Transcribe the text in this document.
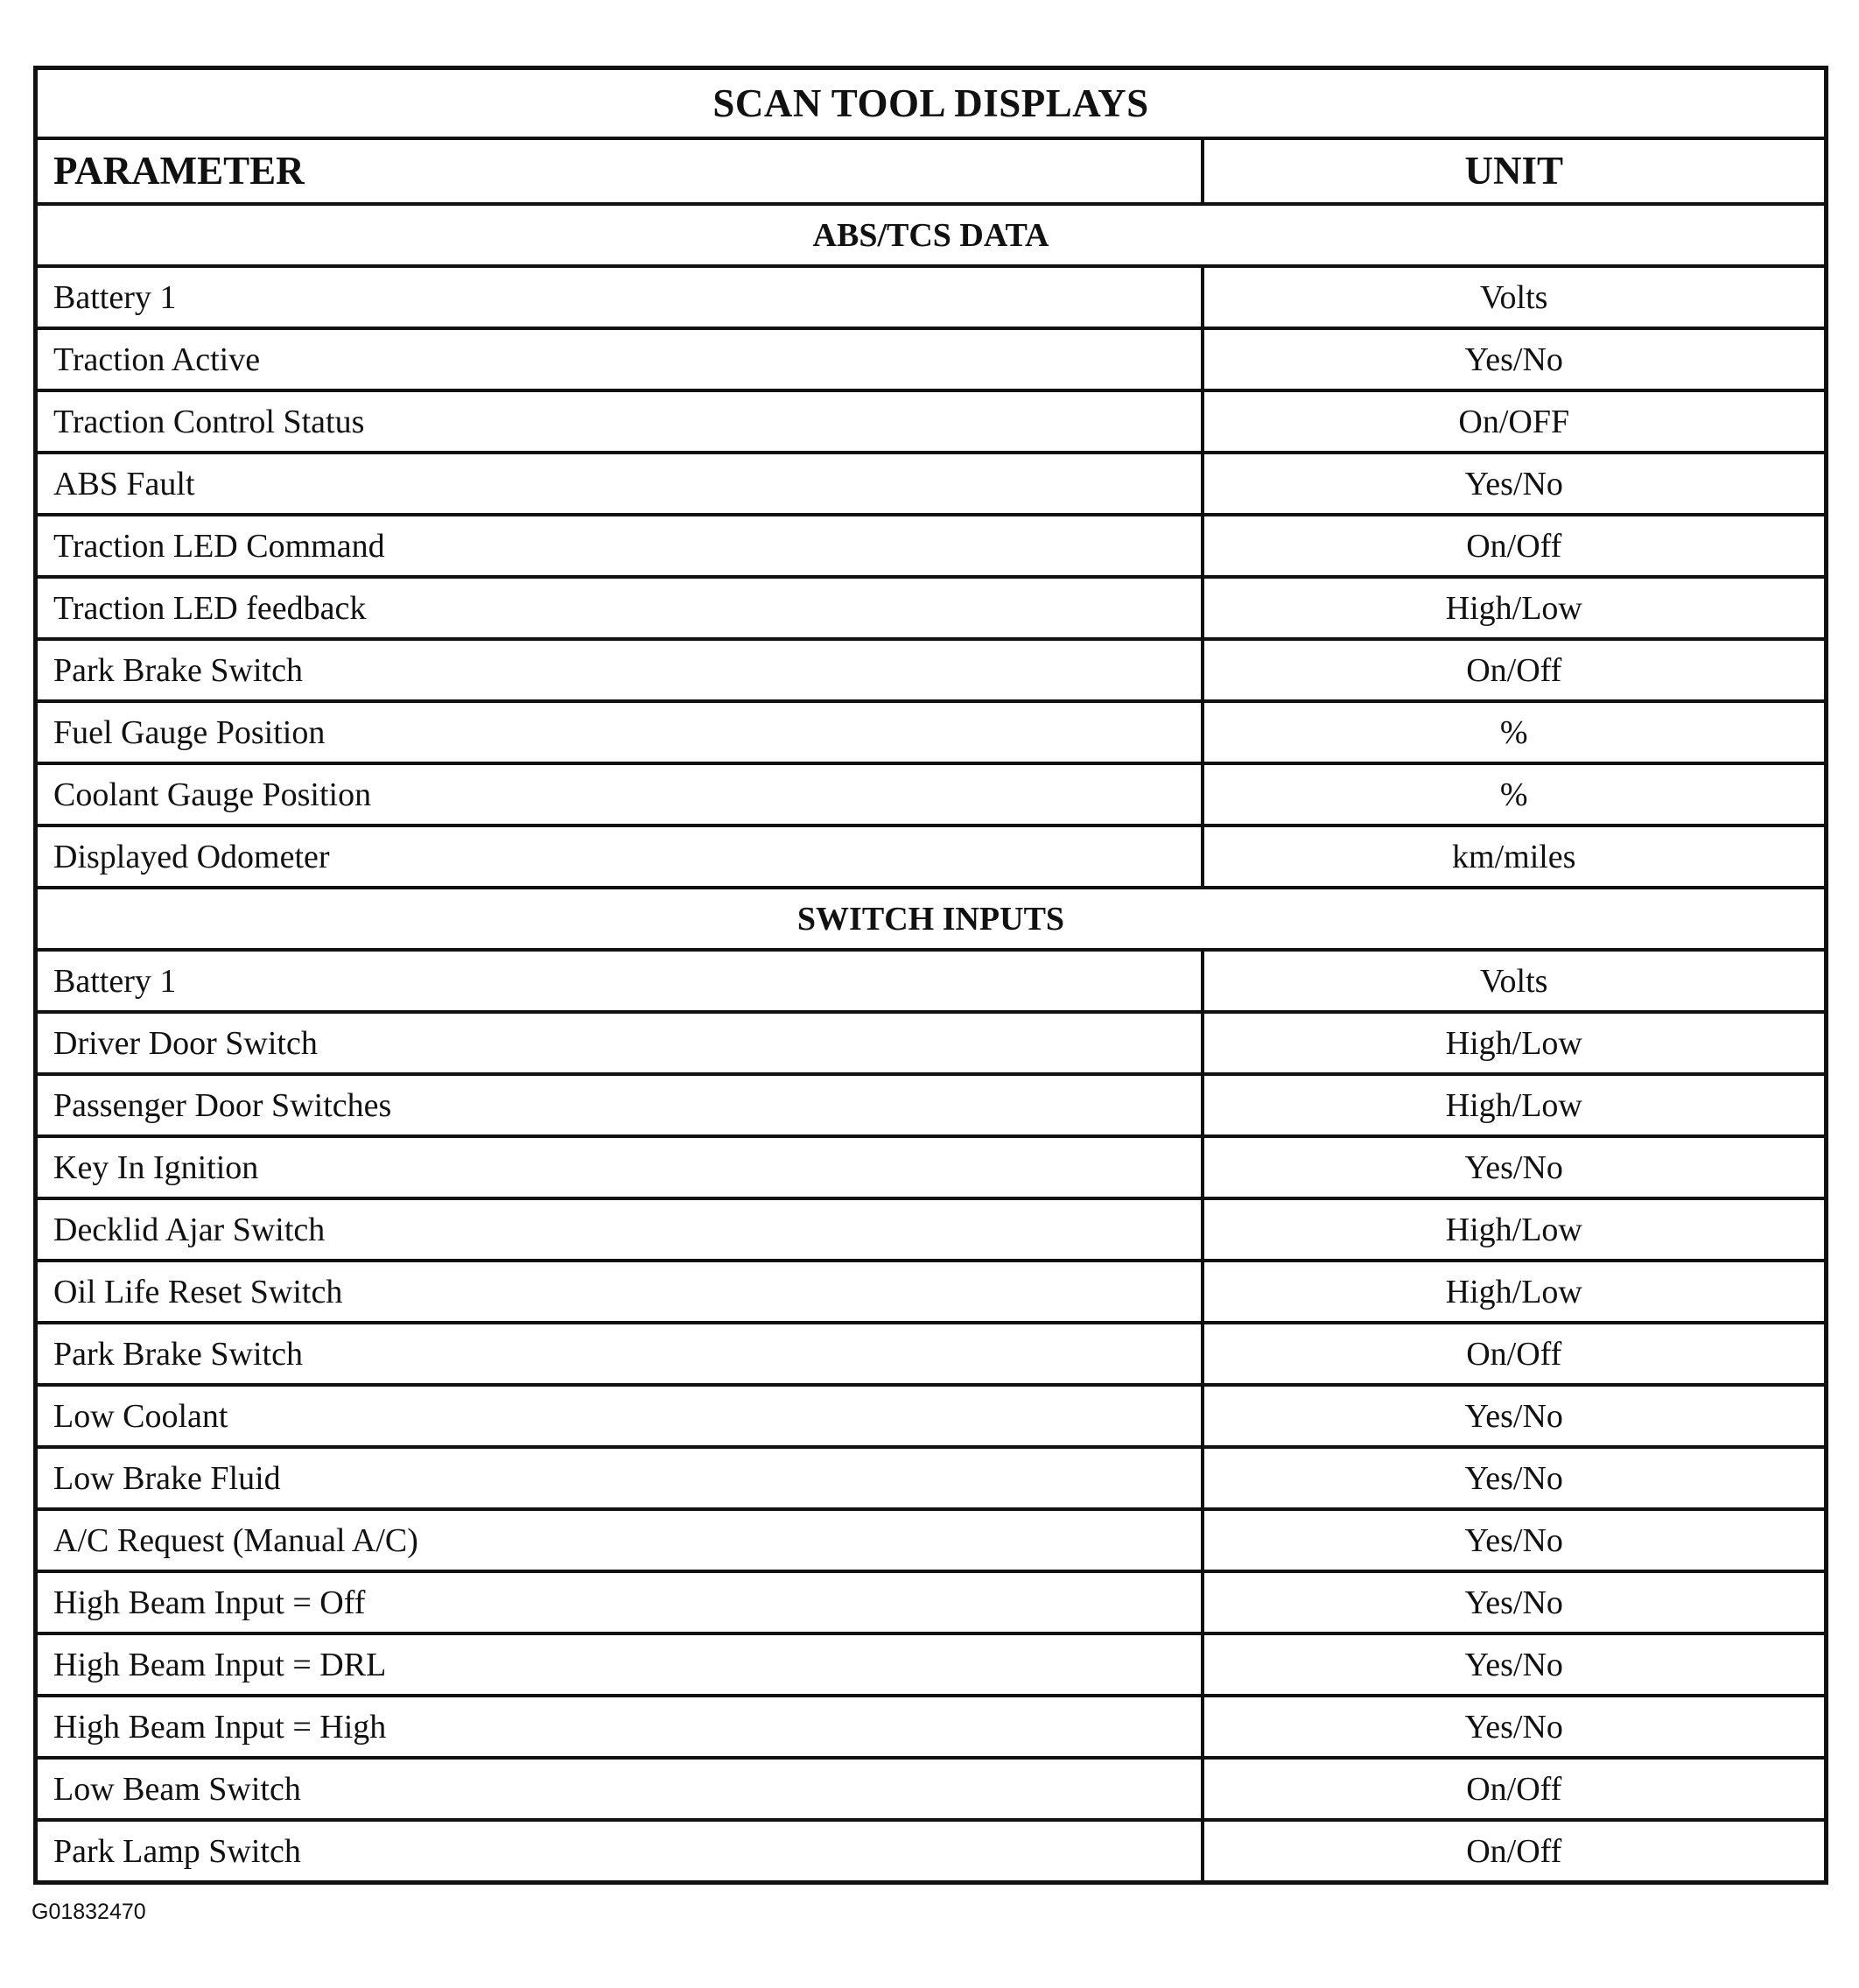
SCAN TOOL DISPLAYS	
PARAMETER	UNIT
ABS/TCS DATA	
Battery 1	Volts
Traction Active	Yes/No
Traction Control Status	On/OFF
ABS Fault	Yes/No
Traction LED Command	On/Off
Traction LED feedback	High/Low
Park Brake Switch	On/Off
Fuel Gauge Position	%
Coolant Gauge Position	%
Displayed Odometer	km/miles
SWITCH INPUTS	
Battery 1	Volts
Driver Door Switch	High/Low
Passenger Door Switches	High/Low
Key In Ignition	Yes/No
Decklid Ajar Switch	High/Low
Oil Life Reset Switch	High/Low
Park Brake Switch	On/Off
Low Coolant	Yes/No
Low Brake Fluid	Yes/No
A/C Request (Manual A/C)	Yes/No
High Beam Input = Off	Yes/No
High Beam Input = DRL	Yes/No
High Beam Input = High	Yes/No
Low Beam Switch	On/Off
Park Lamp Switch	On/Off
G01832470
